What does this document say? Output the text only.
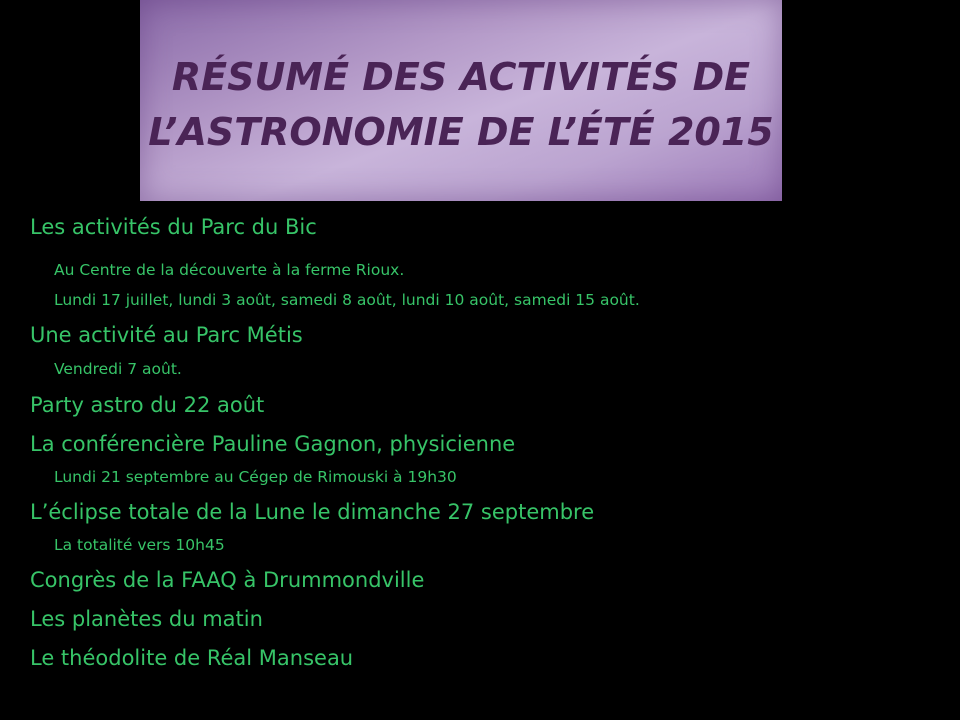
RÉSUMÉ DES ACTIVITÉS DE
L’ASTRONOMIE DE L’ÉTÉ 2015
Les activités du Parc du Bic
Au Centre de la découverte à la ferme Rioux.
Lundi 17 juillet, lundi 3 août, samedi 8 août, lundi 10 août, samedi 15 août.
Une activité au Parc Métis
Vendredi 7 août.
Party astro du 22 août
La conférencière Pauline Gagnon, physicienne
Lundi 21 septembre au Cégep de Rimouski à 19h30
L’éclipse totale de la Lune le dimanche 27 septembre
La totalité vers 10h45
Congrès de la FAAQ à Drummondville
Les planètes du matin
Le théodolite de Réal Manseau
